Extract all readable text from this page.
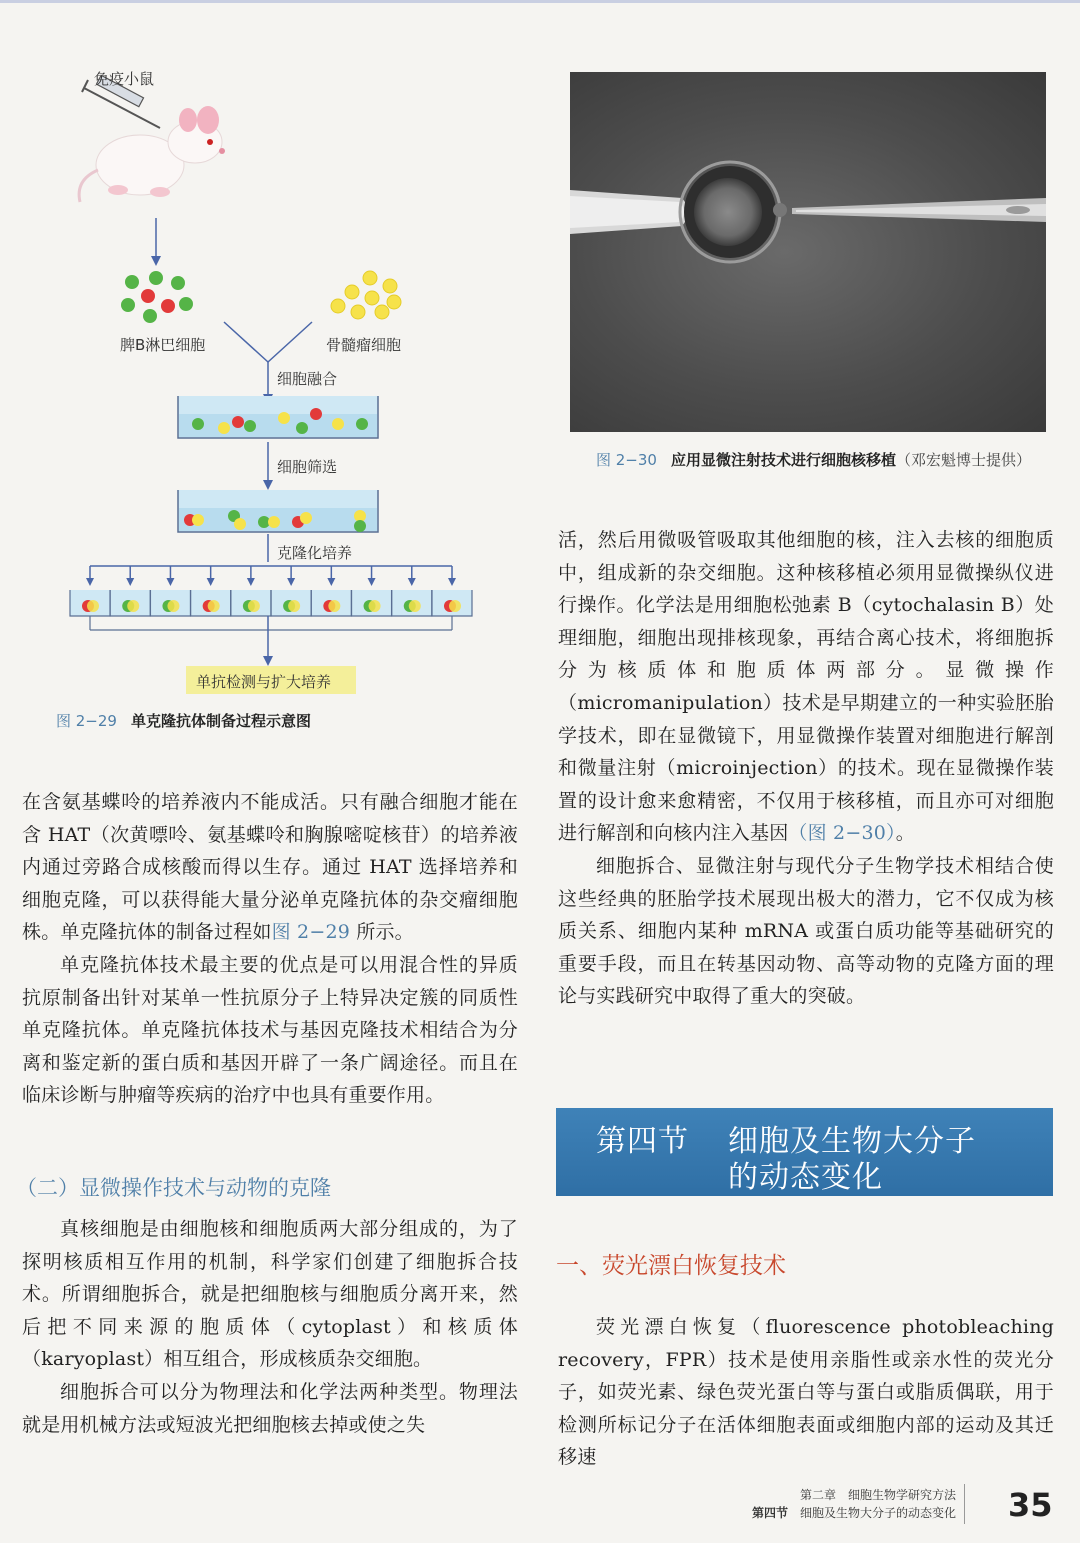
免疫小鼠
脾B淋巴细胞	骨髓瘤细胞
细胞融合
细胞筛选
克隆化培养
单抗检测与扩大培养
图 2−29 单克隆抗体制备过程示意图
图 2−30 应用显微注射技术进行细胞核移植（邓宏魁博士提供）

在含氨基蝶呤的培养液内不能成活。只有融合细胞才能在含 HAT（次黄嘌呤、氨基蝶呤和胸腺嘧啶核苷）的培养液内通过旁路合成核酸而得以生存。通过 HAT 选择培养和细胞克隆，可以获得能大量分泌单克隆抗体的杂交瘤细胞株。单克隆抗体的制备过程如图 2−29 所示。

单克隆抗体技术最主要的优点是可以用混合性的异质抗原制备出针对某单一性抗原分子上特异决定簇的同质性单克隆抗体。单克隆抗体技术与基因克隆技术相结合为分离和鉴定新的蛋白质和基因开辟了一条广阔途径。而且在临床诊断与肿瘤等疾病的治疗中也具有重要作用。

（二）显微操作技术与动物的克隆

真核细胞是由细胞核和细胞质两大部分组成的，为了探明核质相互作用的机制，科学家们创建了细胞拆合技术。所谓细胞拆合，就是把细胞核与细胞质分离开来，然后把不同来源的胞质体（cytoplast）和核质体（karyoplast）相互组合，形成核质杂交细胞。

细胞拆合可以分为物理法和化学法两种类型。物理法就是用机械方法或短波光把细胞核去掉或使之失

活，然后用微吸管吸取其他细胞的核，注入去核的细胞质中，组成新的杂交细胞。这种核移植必须用显微操纵仪进行操作。化学法是用细胞松弛素 B（cytochalasin B）处理细胞，细胞出现排核现象，再结合离心技术，将细胞拆分为核质体和胞质体两部分。显微操作（micromanipulation）技术是早期建立的一种实验胚胎学技术，即在显微镜下，用显微操作装置对细胞进行解剖和微量注射（microinjection）的技术。现在显微操作装置的设计愈来愈精密，不仅用于核移植，而且亦可对细胞进行解剖和向核内注入基因（图 2−30）。

细胞拆合、显微注射与现代分子生物学技术相结合使这些经典的胚胎学技术展现出极大的潜力，它不仅成为核质关系、细胞内某种 mRNA 或蛋白质功能等基础研究的重要手段，而且在转基因动物、高等动物的克隆方面的理论与实践研究中取得了重大的突破。

第四节 细胞及生物大分子
的动态变化
一、荧光漂白恢复技术

荧光漂白恢复（fluorescence photobleaching recovery，FPR）技术是使用亲脂性或亲水性的荧光分子，如荧光素、绿色荧光蛋白等与蛋白或脂质偶联，用于检测所标记分子在活体细胞表面或细胞内部的运动及其迁移速

第二章　细胞生物学研究方法
第四节 细胞及生物大分子的动态变化 35
